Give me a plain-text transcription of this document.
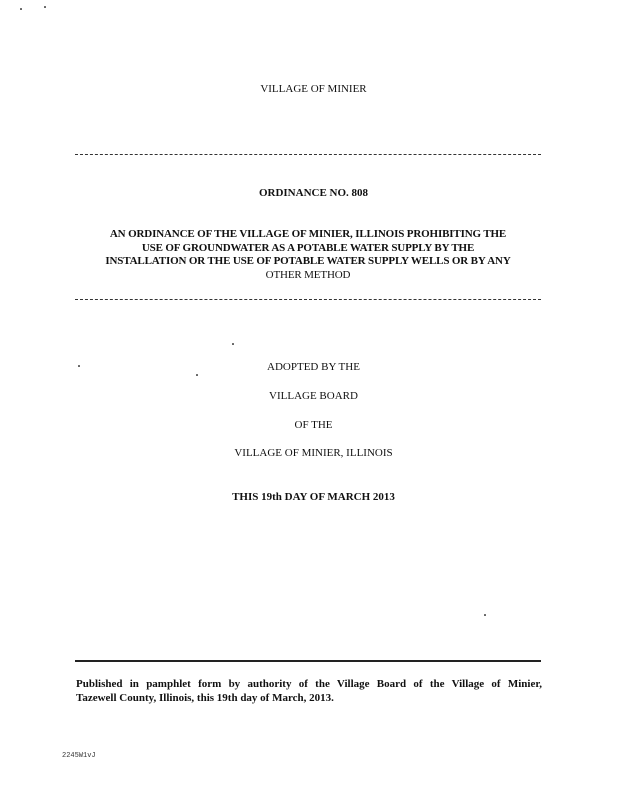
VILLAGE OF MINIER
ORDINANCE NO. 808
AN ORDINANCE OF THE VILLAGE OF MINIER, ILLINOIS PROHIBITING THE
USE OF GROUNDWATER AS A POTABLE WATER SUPPLY BY THE
INSTALLATION OR THE USE OF POTABLE WATER SUPPLY WELLS OR BY ANY
OTHER METHOD
ADOPTED BY THE
VILLAGE BOARD
OF THE
VILLAGE OF MINIER, ILLINOIS
THIS 19th DAY OF MARCH 2013
Published in pamphlet form by authority of the Village Board of the Village of Minier,
Tazewell County, Illinois, this 19th day of March, 2013.
2245W1vJ
